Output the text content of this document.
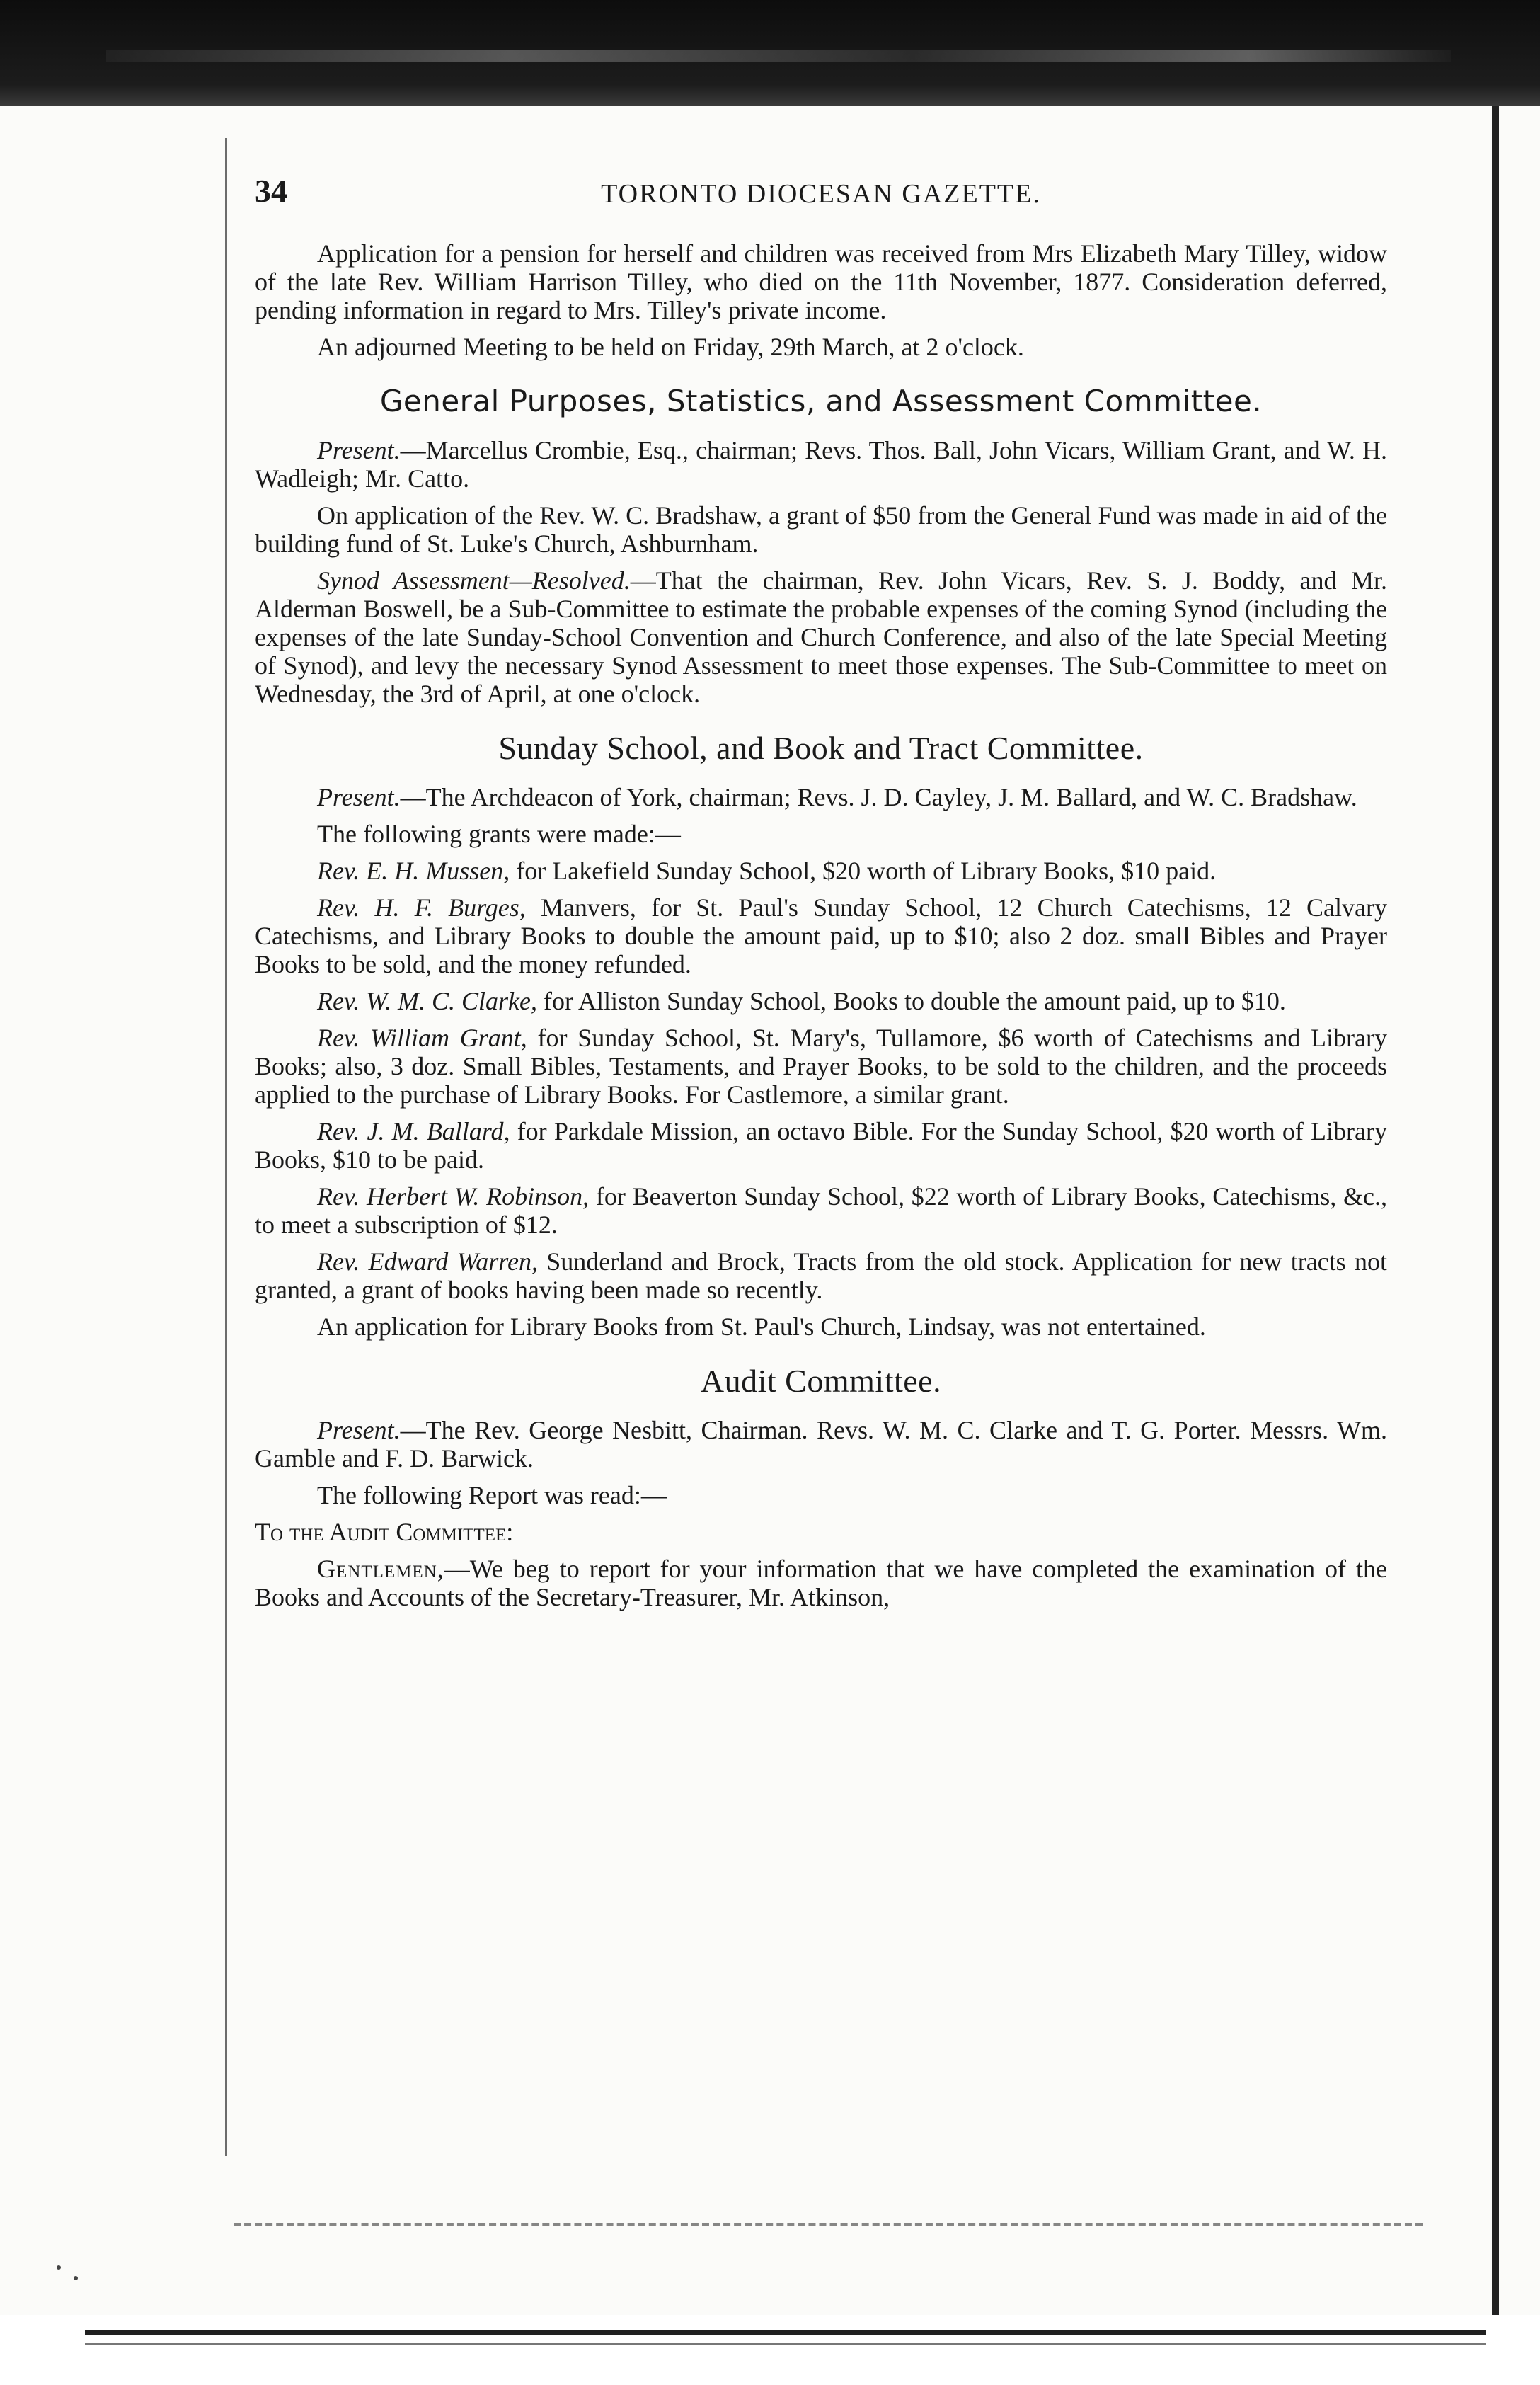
34	TORONTO DIOCESAN GAZETTE.

Application for a pension for herself and children was received from Mrs Elizabeth Mary Tilley, widow of the late Rev. William Harrison Tilley, who died on the 11th November, 1877. Consideration deferred, pending information in regard to Mrs. Tilley's private income.

An adjourned Meeting to be held on Friday, 29th March, at 2 o'clock.

General Purposes, Statistics, and Assessment Committee.

Present.—Marcellus Crombie, Esq., chairman; Revs. Thos. Ball, John Vicars, William Grant, and W. H. Wadleigh; Mr. Catto.

On application of the Rev. W. C. Bradshaw, a grant of $50 from the General Fund was made in aid of the building fund of St. Luke's Church, Ashburnham.

Synod Assessment—Resolved.—That the chairman, Rev. John Vicars, Rev. S. J. Boddy, and Mr. Alderman Boswell, be a Sub-Committee to estimate the probable expenses of the coming Synod (including the expenses of the late Sunday-School Convention and Church Conference, and also of the late Special Meeting of Synod), and levy the necessary Synod Assessment to meet those expenses. The Sub-Committee to meet on Wednesday, the 3rd of April, at one o'clock.

Sunday School, and Book and Tract Committee.

Present.—The Archdeacon of York, chairman; Revs. J. D. Cayley, J. M. Ballard, and W. C. Bradshaw.

The following grants were made:—

Rev. E. H. Mussen, for Lakefield Sunday School, $20 worth of Library Books, $10 paid.

Rev. H. F. Burges, Manvers, for St. Paul's Sunday School, 12 Church Catechisms, 12 Calvary Catechisms, and Library Books to double the amount paid, up to $10; also 2 doz. small Bibles and Prayer Books to be sold, and the money refunded.

Rev. W. M. C. Clarke, for Alliston Sunday School, Books to double the amount paid, up to $10.

Rev. William Grant, for Sunday School, St. Mary's, Tullamore, $6 worth of Catechisms and Library Books; also, 3 doz. Small Bibles, Testaments, and Prayer Books, to be sold to the children, and the proceeds applied to the purchase of Library Books. For Castlemore, a similar grant.

Rev. J. M. Ballard, for Parkdale Mission, an octavo Bible. For the Sunday School, $20 worth of Library Books, $10 to be paid.

Rev. Herbert W. Robinson, for Beaverton Sunday School, $22 worth of Library Books, Catechisms, &c., to meet a subscription of $12.

Rev. Edward Warren, Sunderland and Brock, Tracts from the old stock. Application for new tracts not granted, a grant of books having been made so recently.

An application for Library Books from St. Paul's Church, Lindsay, was not entertained.

Audit Committee.

Present.—The Rev. George Nesbitt, Chairman. Revs. W. M. C. Clarke and T. G. Porter. Messrs. Wm. Gamble and F. D. Barwick.

The following Report was read:—

To the Audit Committee:

Gentlemen,—We beg to report for your information that we have completed the examination of the Books and Accounts of the Secretary-Treasurer, Mr. Atkinson,
